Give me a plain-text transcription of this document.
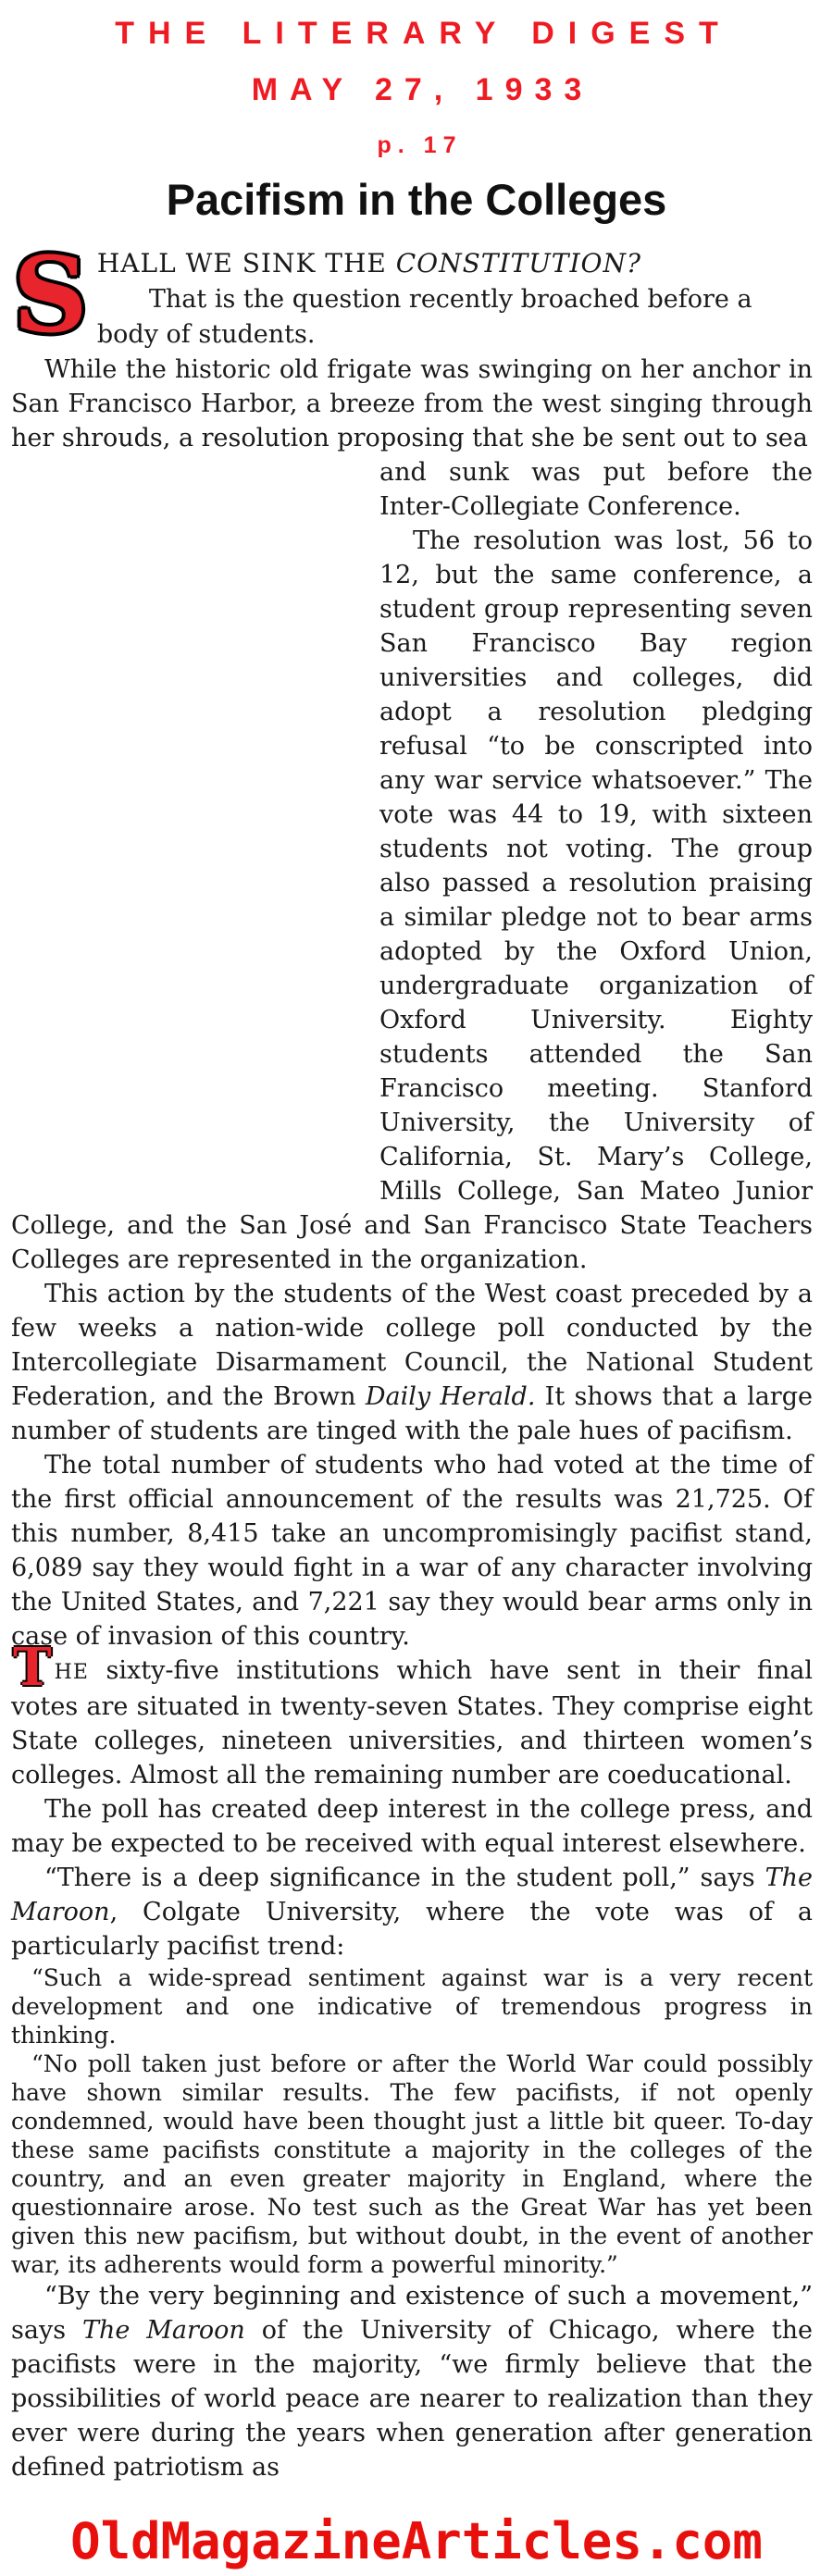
THE LITERARY DIGEST
MAY 27, 1933
p. 17
Pacifism in the Colleges
SHALL WE SINK THE CONSTITUTION?
That is the question recently broached before a body of students.

While the historic old frigate was swinging on her anchor in San Francisco Harbor, a breeze from the west singing through her shrouds, a resolution proposing that she be sent out to sea

and sunk was put before the Inter-Collegiate Conference.

The resolution was lost, 56 to 12, but the same conference, a student group representing seven San Francisco Bay region universities and colleges, did adopt a resolution pledging refusal “to be conscripted into any war service whatsoever.” The vote was 44 to 19, with sixteen students not voting. The group also passed a resolution praising a similar pledge not to bear arms adopted by the Oxford Union, undergraduate organization of Oxford University. Eighty students attended the San Francisco meeting. Stanford University, the University of California, St. Mary’s College, Mills College, San Mateo Junior College, and the San José and San Francisco State Teachers Colleges are represented in the organization.

This action by the students of the West coast preceded by a few weeks a nation-wide college poll conducted by the Intercollegiate Disarmament Council, the National Student Federation, and the Brown Daily Herald. It shows that a large number of students are tinged with the pale hues of pacifism.

The total number of students who had voted at the time of the first official announcement of the results was 21,725. Of this number, 8,415 take an uncompromisingly pacifist stand, 6,089 say they would fight in a war of any character involving the United States, and 7,221 say they would bear arms only in case of invasion of this country.

THE sixty-five institutions which have sent in their final votes are situated in twenty-seven States. They comprise eight State colleges, nineteen universities, and thirteen women’s colleges. Almost all the remaining number are coeducational.

The poll has created deep interest in the college press, and may be expected to be received with equal interest elsewhere.

“There is a deep significance in the student poll,” says The Maroon, Colgate University, where the vote was of a particularly pacifist trend:

“Such a wide-spread sentiment against war is a very recent development and one indicative of tremendous progress in thinking.

“No poll taken just before or after the World War could possibly have shown similar results. The few pacifists, if not openly condemned, would have been thought just a little bit queer. To-day these same pacifists constitute a majority in the colleges of the country, and an even greater majority in England, where the questionnaire arose. No test such as the Great War has yet been given this new pacifism, but without doubt, in the event of another war, its adherents would form a powerful minority.”

“By the very beginning and existence of such a movement,” says The Maroon of the University of Chicago, where the pacifists were in the majority, “we firmly believe that the possibilities of world peace are nearer to realization than they ever were during the years when generation after generation defined patriotism as

OldMagazineArticles.com
